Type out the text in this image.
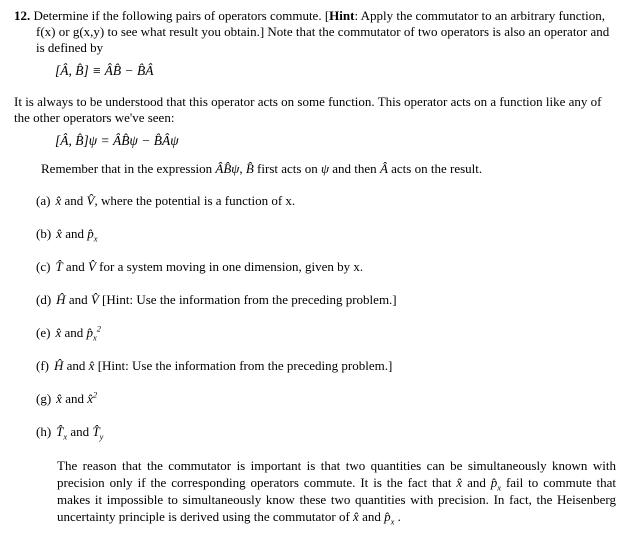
12. Determine if the following pairs of operators commute. [Hint: Apply the commutator to an arbitrary function, f(x) or g(x,y) to see what result you obtain.] Note that the commutator of two operators is also an operator and is defined by

[Â, B̂] ≡ ÂB̂ − B̂Â

It is always to be understood that this operator acts on some function. This operator acts on a function like any of the other operators we've seen:

[Â, B̂]ψ = ÂB̂ψ − B̂Âψ

Remember that in the expression ÂB̂ψ, B̂ first acts on ψ and then Â acts on the result.

(a) x̂ and V̂, where the potential is a function of x.
(b) x̂ and $p̂_x$
(c) T̂ and V̂ for a system moving in one dimension, given by x.
(d) Ĥ and V̂ [Hint: Use the information from the preceding problem.]
(e) x̂ and $p̂_x^2$
(f) Ĥ and x̂ [Hint: Use the information from the preceding problem.]
(g) x̂ and x̂$^2$
(h) $T̂_x$ and $T̂_y$

The reason that the commutator is important is that two quantities can be simultaneously known with precision only if the corresponding operators commute. It is the fact that x̂ and $p̂_x$ fail to commute that makes it impossible to simultaneously know these two quantities with precision. In fact, the Heisenberg uncertainty principle is derived using the commutator of x̂ and $p̂_x$ .
